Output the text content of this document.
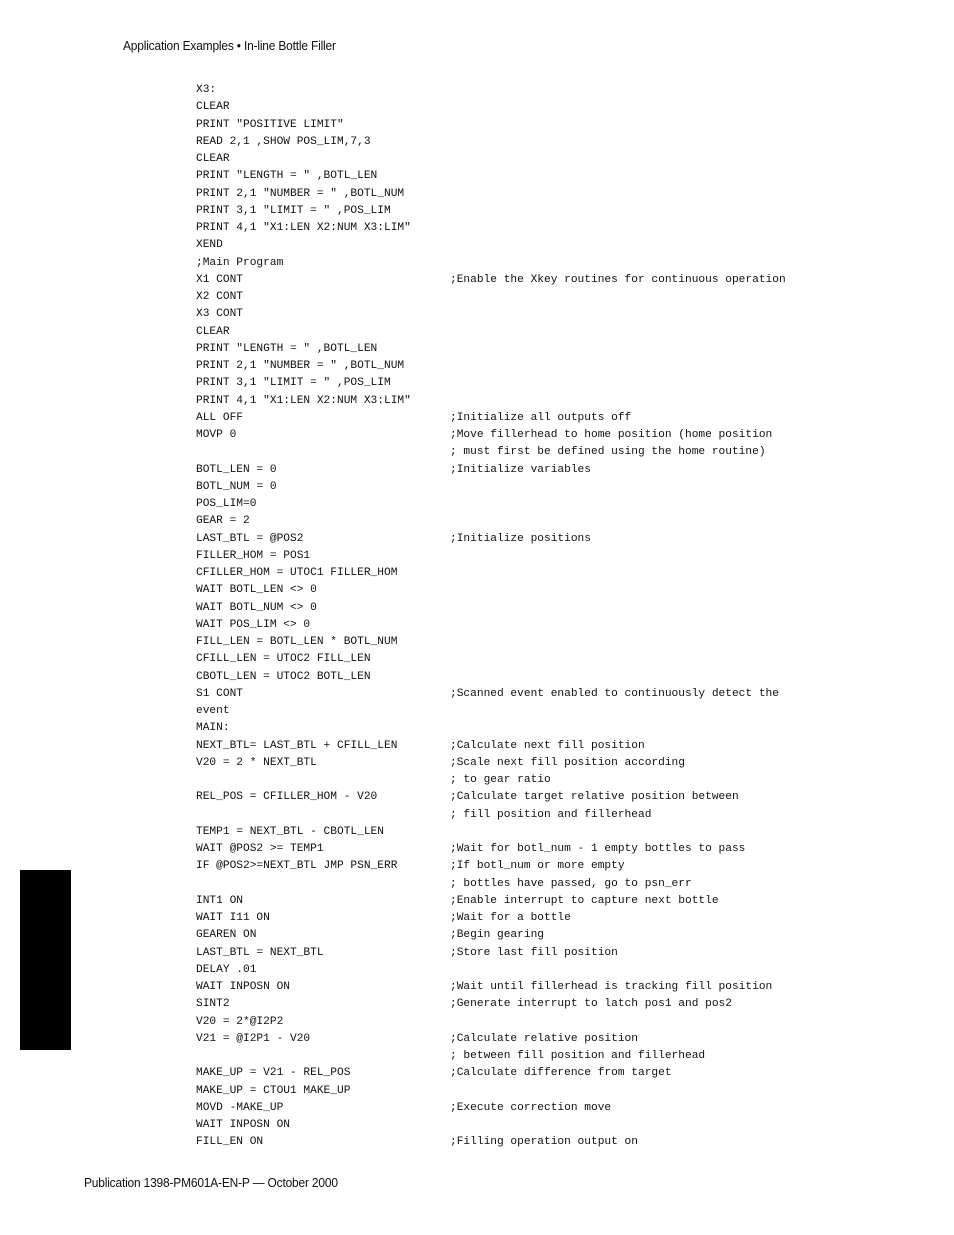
Application Examples • In-line Bottle Filler
X3:
CLEAR
PRINT "POSITIVE LIMIT"
READ 2,1 ,SHOW POS_LIM,7,3
CLEAR
PRINT "LENGTH = " ,BOTL_LEN
PRINT 2,1 "NUMBER = " ,BOTL_NUM
PRINT 3,1 "LIMIT = " ,POS_LIM
PRINT 4,1 "X1:LEN X2:NUM X3:LIM"
XEND
;Main Program
X1 CONT	;Enable the Xkey routines for continuous operation
X2 CONT
X3 CONT
CLEAR
PRINT "LENGTH = " ,BOTL_LEN
PRINT 2,1 "NUMBER = " ,BOTL_NUM
PRINT 3,1 "LIMIT = " ,POS_LIM
PRINT 4,1 "X1:LEN X2:NUM X3:LIM"
ALL OFF	;Initialize all outputs off
MOVP 0	;Move fillerhead to home position (home position
; must first be defined using the home routine)
BOTL_LEN = 0	;Initialize variables
BOTL_NUM = 0
POS_LIM=0
GEAR = 2
LAST_BTL = @POS2	;Initialize positions
FILLER_HOM = POS1
CFILLER_HOM = UTOC1 FILLER_HOM
WAIT BOTL_LEN <> 0
WAIT BOTL_NUM <> 0
WAIT POS_LIM <> 0
FILL_LEN = BOTL_LEN * BOTL_NUM
CFILL_LEN = UTOC2 FILL_LEN
CBOTL_LEN = UTOC2 BOTL_LEN
S1 CONT	;Scanned event enabled to continuously detect the
event
MAIN:
NEXT_BTL= LAST_BTL + CFILL_LEN	;Calculate next fill position
V20 = 2 * NEXT_BTL	;Scale next fill position according
; to gear ratio
REL_POS = CFILLER_HOM - V20	;Calculate target relative position between
; fill position and fillerhead
TEMP1 = NEXT_BTL - CBOTL_LEN
WAIT @POS2 >= TEMP1	;Wait for botl_num - 1 empty bottles to pass
IF @POS2>=NEXT_BTL JMP PSN_ERR	;If botl_num or more empty
; bottles have passed, go to psn_err
INT1 ON	;Enable interrupt to capture next bottle
WAIT I11 ON	;Wait for a bottle
GEAREN ON	;Begin gearing
LAST_BTL = NEXT_BTL	;Store last fill position
DELAY .01
WAIT INPOSN ON	;Wait until fillerhead is tracking fill position
SINT2	;Generate interrupt to latch pos1 and pos2
V20 = 2*@I2P2
V21 = @I2P1 - V20	;Calculate relative position
; between fill position and fillerhead
MAKE_UP = V21 - REL_POS	;Calculate difference from target
MAKE_UP = CTOU1 MAKE_UP
MOVD -MAKE_UP	;Execute correction move
WAIT INPOSN ON
FILL_EN ON	;Filling operation output on
Publication 1398-PM601A-EN-P — October 2000
